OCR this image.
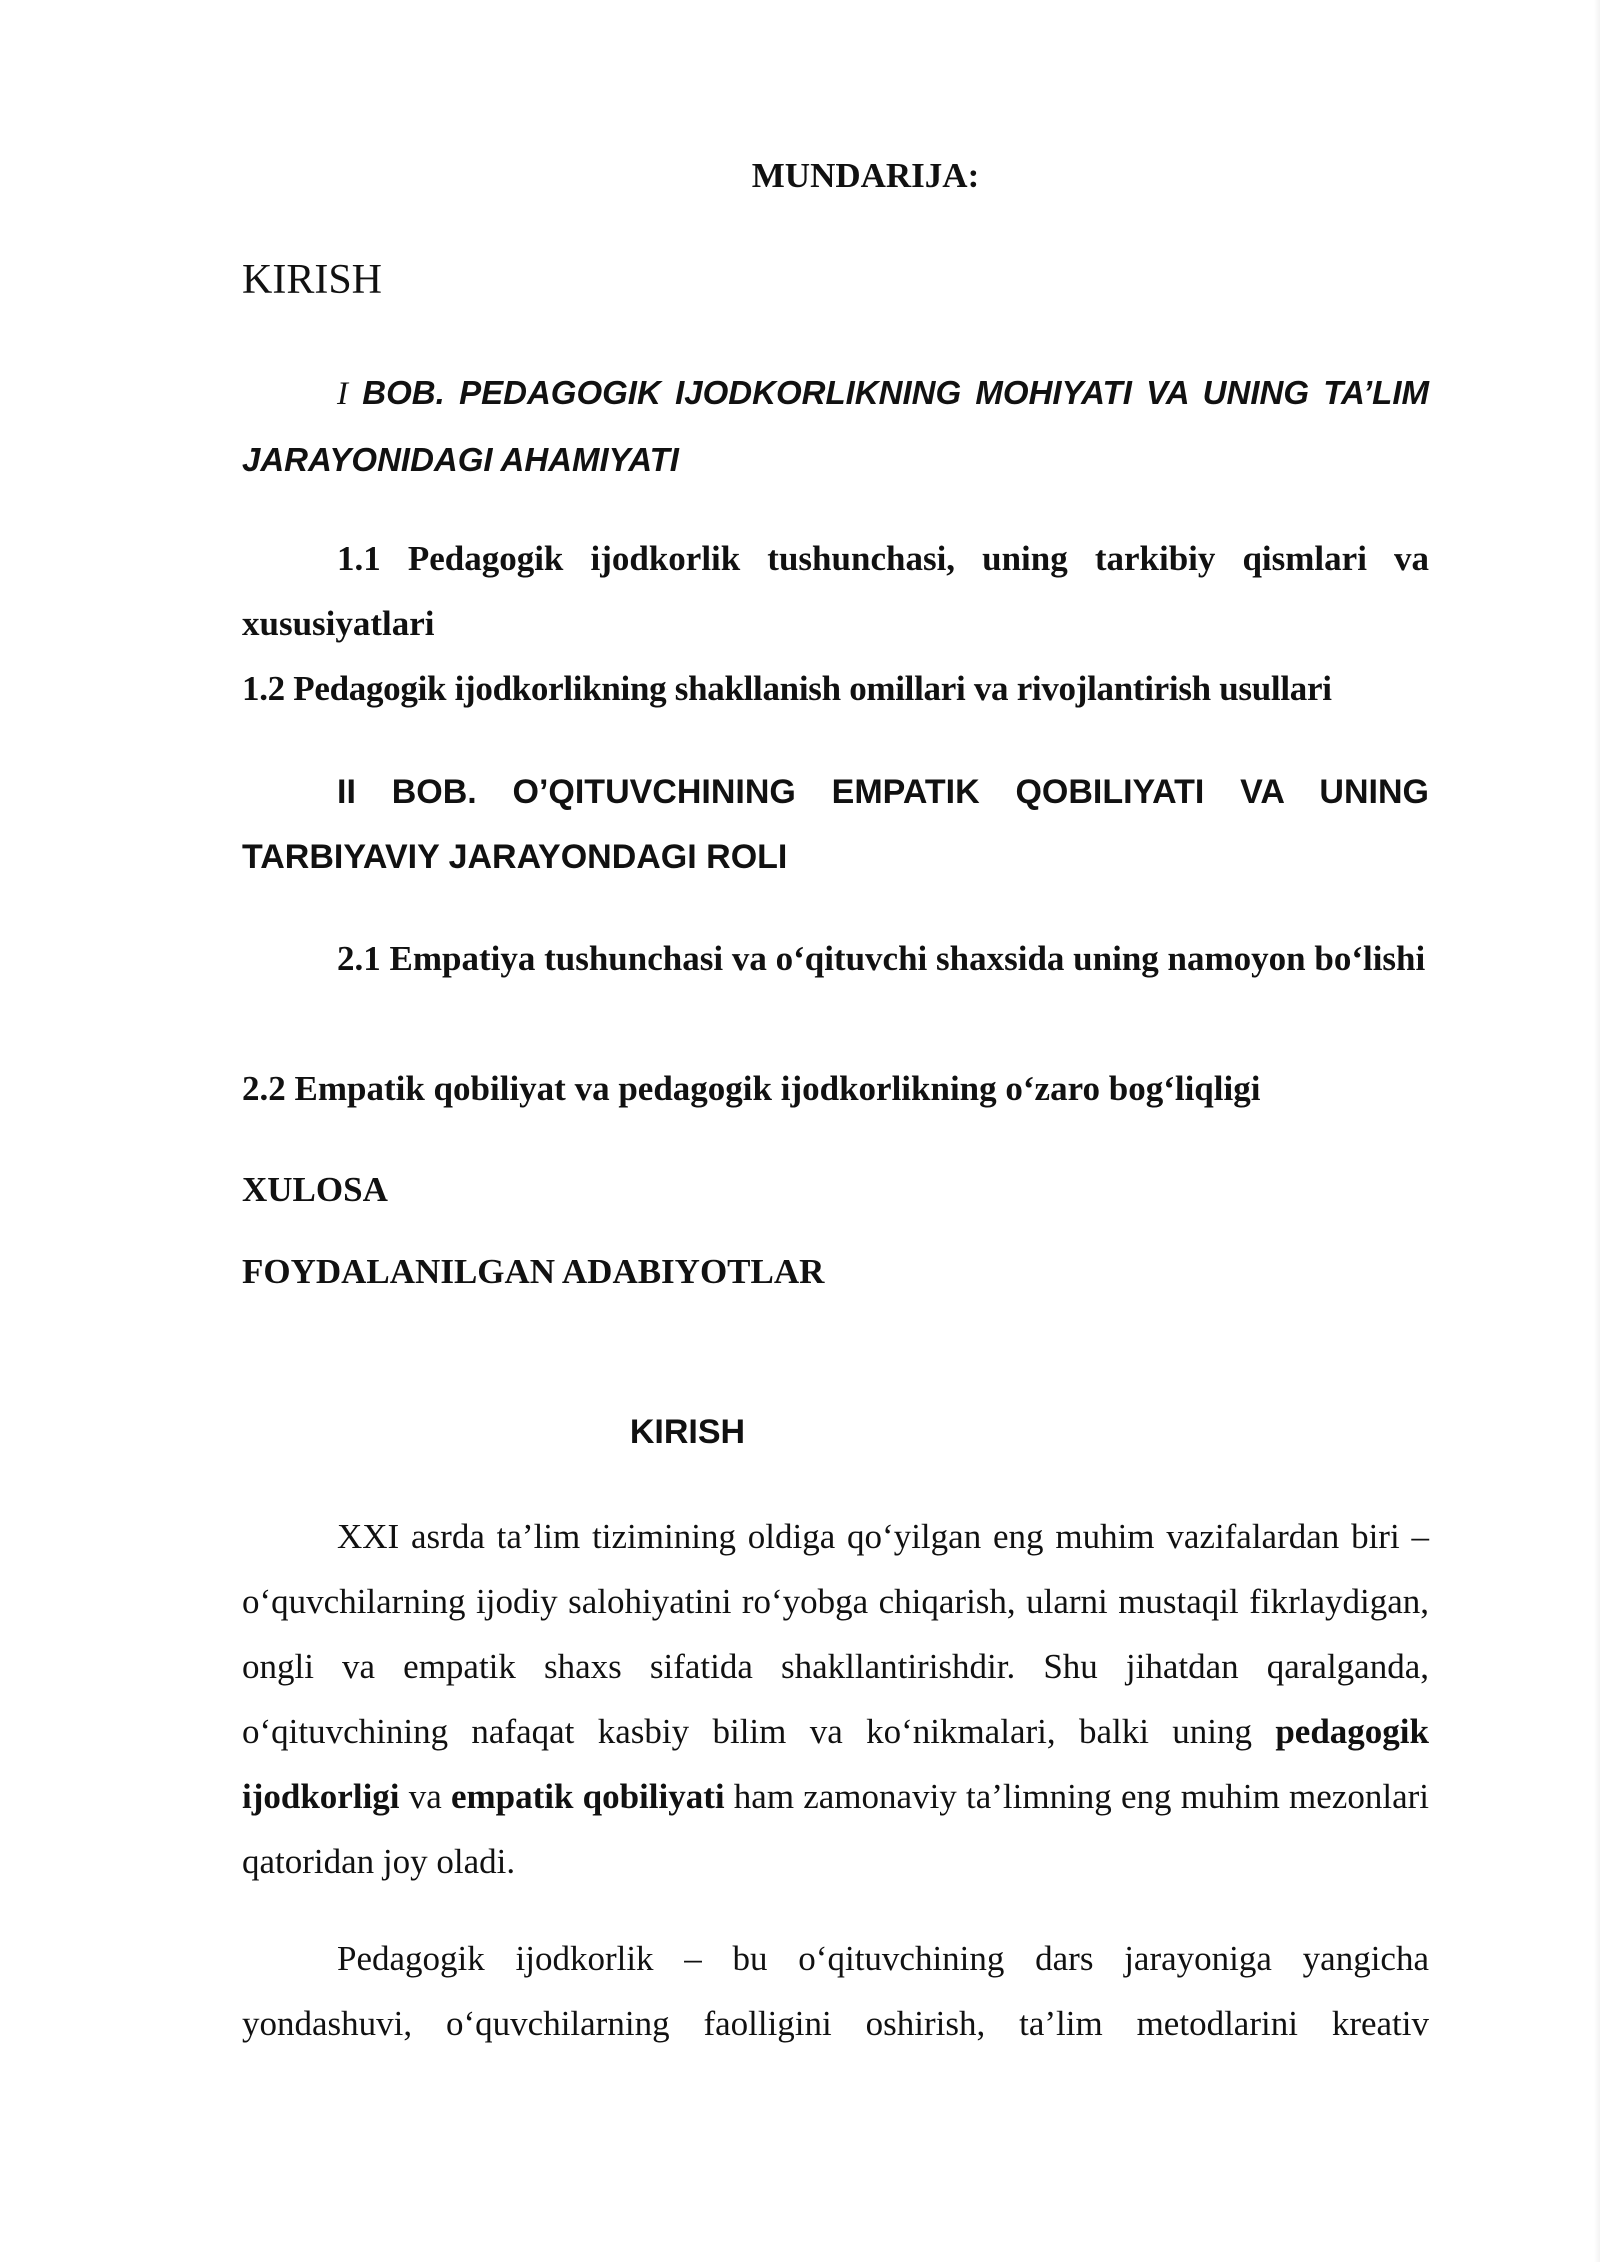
MUNDARIJA:

KIRISH

I BOB. PEDAGOGIK IJODKORLIKNING MOHIYATI VA UNING TA’LIM JARAYONIDAGI AHAMIYATI

1.1 Pedagogik ijodkorlik tushunchasi, uning tarkibiy qismlari va xususiyatlari

1.2 Pedagogik ijodkorlikning shakllanish omillari va rivojlantirish usullari

II BOB. O’QITUVCHINING EMPATIK QOBILIYATI VA UNING TARBIYAVIY JARAYONDAGI ROLI

2.1 Empatiya tushunchasi va o‘qituvchi shaxsida uning namoyon bo‘lishi

2.2 Empatik qobiliyat va pedagogik ijodkorlikning o‘zaro bog‘liqligi

XULOSA

FOYDALANILGAN ADABIYOTLAR

KIRISH

XXI asrda ta’lim tizimining oldiga qo‘yilgan eng muhim vazifalardan biri – o‘quvchilarning ijodiy salohiyatini ro‘yobga chiqarish, ularni mustaqil fikrlaydigan, ongli va empatik shaxs sifatida shakllantirishdir. Shu jihatdan qaralganda, o‘qituvchining nafaqat kasbiy bilim va ko‘nikmalari, balki uning pedagogik ijodkorligi va empatik qobiliyati ham zamonaviy ta’limning eng muhim mezonlari qatoridan joy oladi.

Pedagogik ijodkorlik – bu o‘qituvchining dars jarayoniga yangicha yondashuvi, o‘quvchilarning faolligini oshirish, ta’lim metodlarini kreativ
